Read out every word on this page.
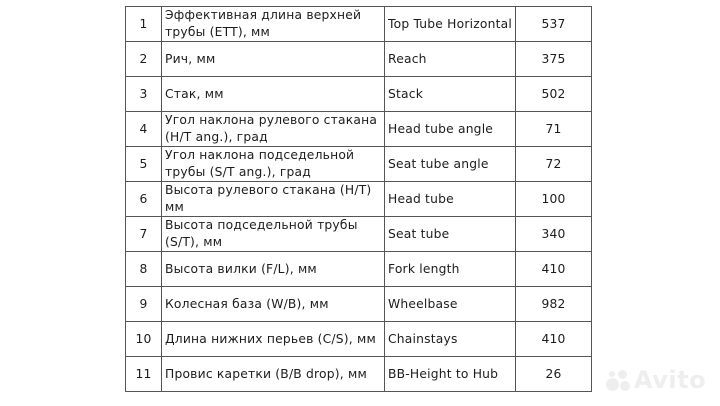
1	Эффективная длина верхней трубы (ETT), мм	Top Tube Horizontal	537
2	Рич, мм	Reach	375
3	Стак, мм	Stack	502
4	Угол наклона рулевого стакана (H/T ang.), град	Head tube angle	71
5	Угол наклона подседельной трубы (S/T ang.), град	Seat tube angle	72
6	Высота рулевого стакана (H/T) мм	Head tube	100
7	Высота подседельной трубы (S/T), мм	Seat tube	340
8	Высота вилки (F/L), мм	Fork length	410
9	Колесная база (W/B), мм	Wheelbase	982
10	Длина нижних перьев (C/S), мм	Chainstays	410
11	Провис каретки (B/B drop), мм	BB-Height to Hub	26	Avito
